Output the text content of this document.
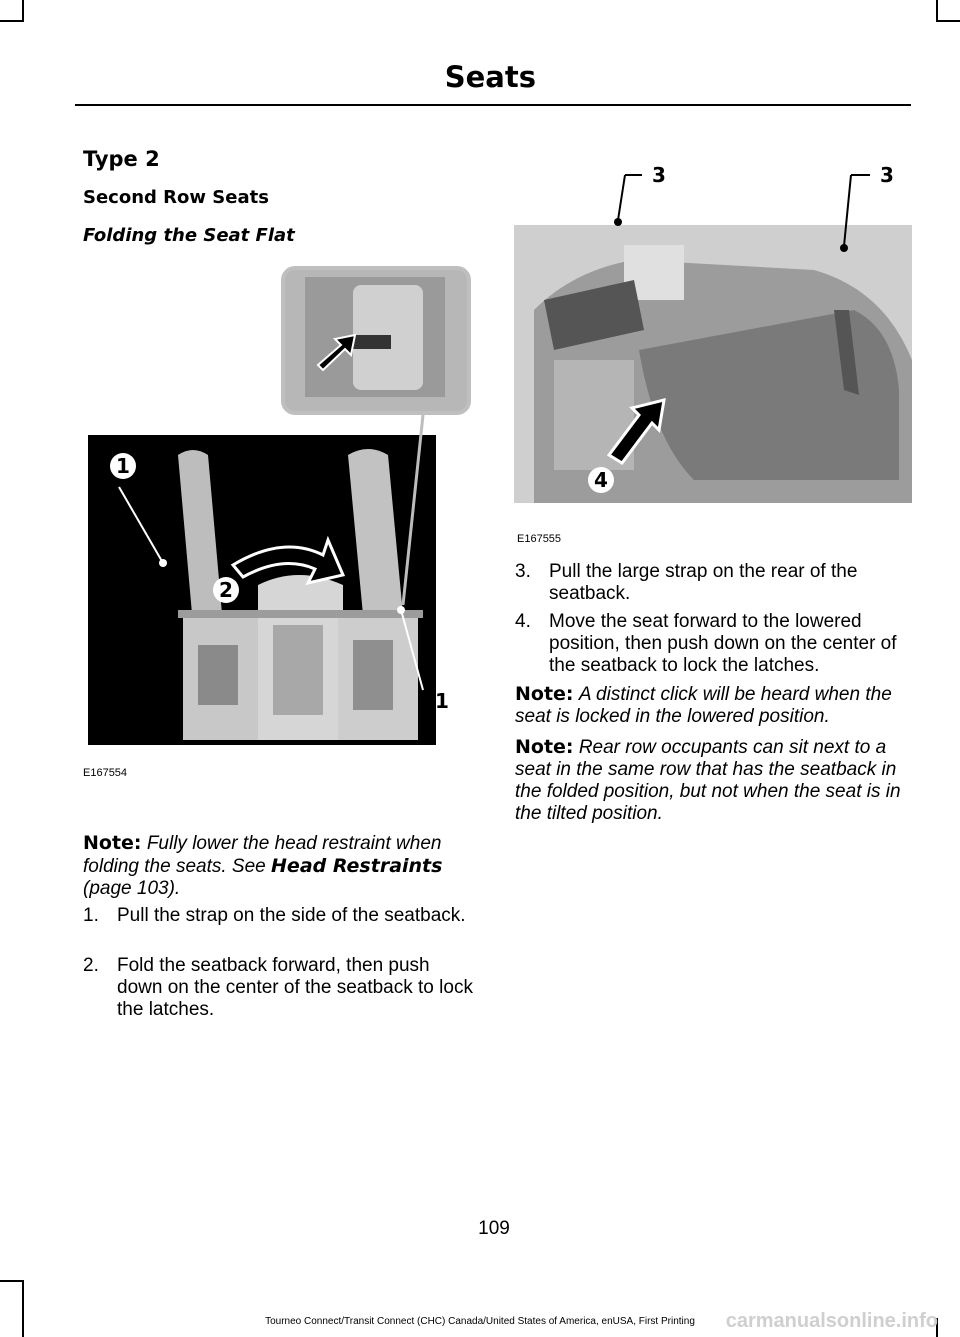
Seats
Type 2
Second Row Seats
Folding the Seat Flat
1
2
1
E167554
Note: Fully lower the head restraint when folding the seats. See Head Restraints (page 103).
1. Pull the strap on the side of the seatback.
2. Fold the seatback forward, then push down on the center of the seatback to lock the latches.
3	3
4
E167555
3. Pull the large strap on the rear of the seatback.
4. Move the seat forward to the lowered position, then push down on the center of the seatback to lock the latches.
Note: A distinct click will be heard when the seat is locked in the lowered position.
Note: Rear row occupants can sit next to a seat in the same row that has the seatback in the folded position, but not when the seat is in the tilted position.
109
Tourneo Connect/Transit Connect (CHC) Canada/United States of America, enUSA, First Printing	carmanualsonline.info
